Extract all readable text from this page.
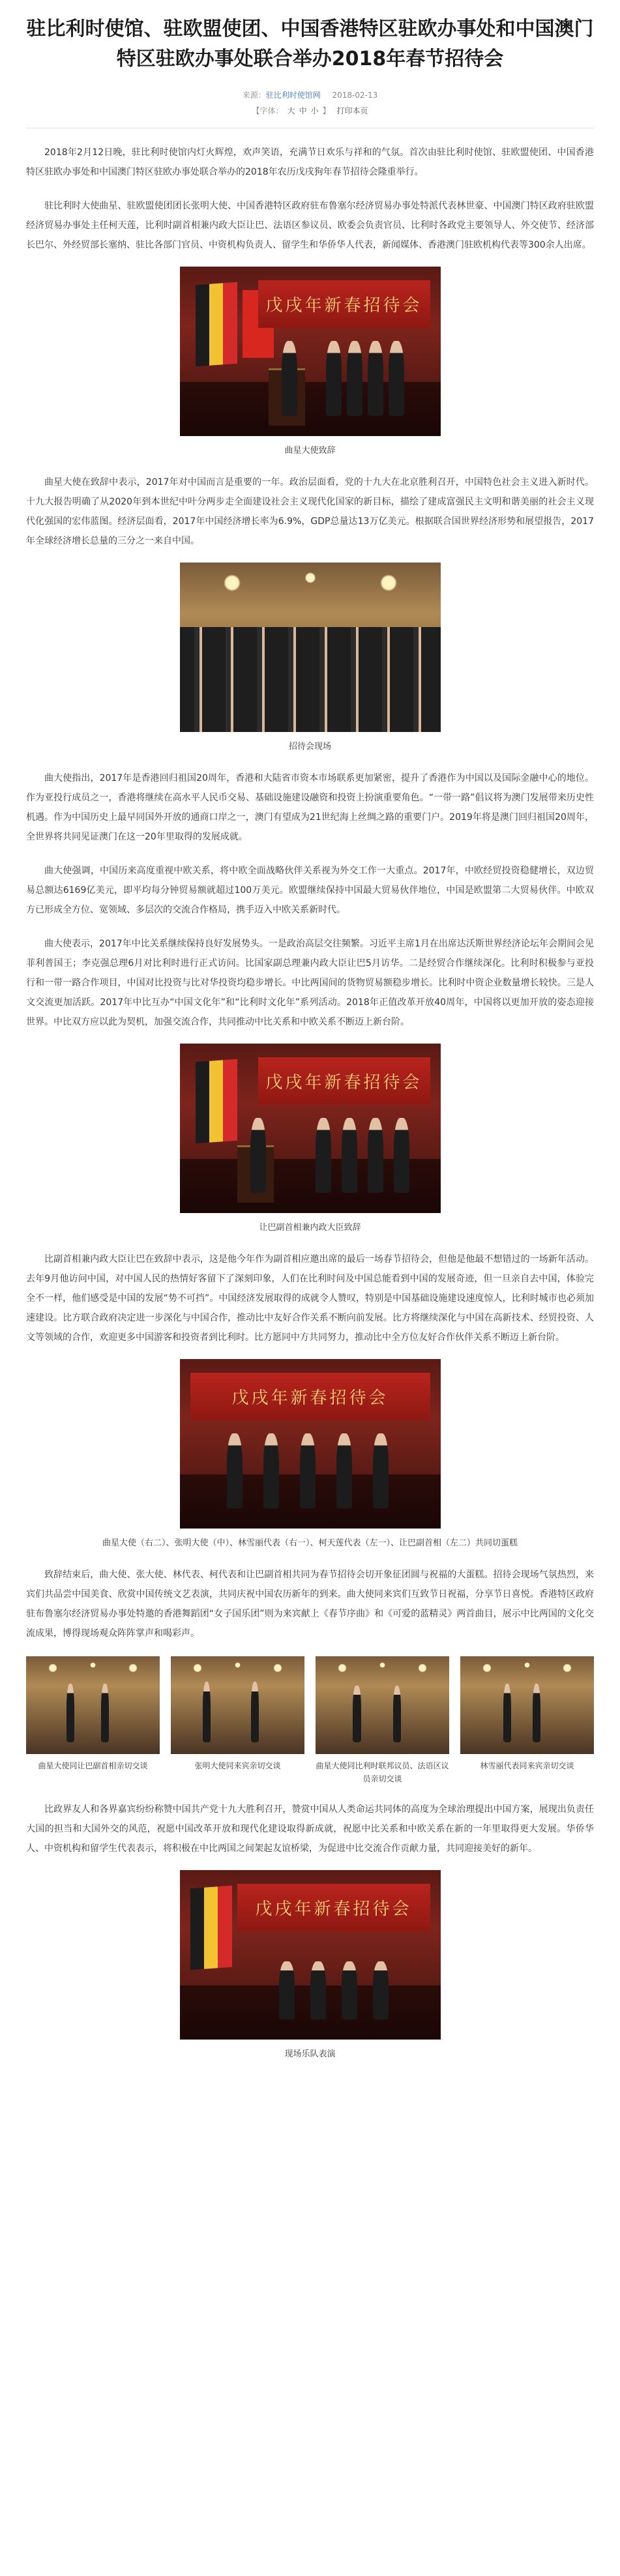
驻比利时使馆、驻欧盟使团、中国香港特区驻欧办事处和中国澳门特区驻欧办事处联合举办2018年春节招待会
来源：驻比利时使馆网 2018-02-13
【字体： 大 中 小 】 打印本页

2018年2月12日晚，驻比利时使馆内灯火辉煌，欢声笑语，充满节日欢乐与祥和的气氛。首次由驻比利时使馆、驻欧盟使团、中国香港特区驻欧办事处和中国澳门特区驻欧办事处联合举办的2018年农历戊戌狗年春节招待会隆重举行。

驻比利时大使曲星、驻欧盟使团团长张明大使、中国香港特区政府驻布鲁塞尔经济贸易办事处特派代表林世豪、中国澳门特区政府驻欧盟经济贸易办事处主任柯天莲，比利时副首相兼内政大臣让巴、法语区参议员、欧委会负责官员、比利时各政党主要领导人、外交使节、经济部长巴尔、外经贸部长塞纳、驻比各部门官员、中资机构负责人、留学生和华侨华人代表，新闻媒体、香港澳门驻欧机构代表等300余人出席。

戊戌年新春招待会
曲星大使致辞

曲星大使在致辞中表示，2017年对中国而言是重要的一年。政治层面看，党的十九大在北京胜利召开，中国特色社会主义进入新时代。十九大报告明确了从2020年到本世纪中叶分两步走全面建设社会主义现代化国家的新目标，描绘了建成富强民主文明和谐美丽的社会主义现代化强国的宏伟蓝图。经济层面看，2017年中国经济增长率为6.9%，GDP总量达13万亿美元。根据联合国世界经济形势和展望报告，2017年全球经济增长总量的三分之一来自中国。

招待会现场

曲大使指出，2017年是香港回归祖国20周年，香港和大陆省市资本市场联系更加紧密，提升了香港作为中国以及国际金融中心的地位。作为亚投行成员之一，香港将继续在高水平人民币交易、基础设施建设融资和投资上扮演重要角色。“一带一路”倡议将为澳门发展带来历史性机遇。作为中国历史上最早同国外开放的通商口岸之一，澳门有望成为21世纪海上丝绸之路的重要门户。2019年将是澳门回归祖国20周年，全世界将共同见证澳门在这一20年里取得的发展成就。

曲大使强调，中国历来高度重视中欧关系，将中欧全面战略伙伴关系视为外交工作一大重点。2017年，中欧经贸投资稳健增长，双边贸易总额达6169亿美元，即平均每分钟贸易额就超过100万美元。欧盟继续保持中国最大贸易伙伴地位，中国是欧盟第二大贸易伙伴。中欧双方已形成全方位、宽领域、多层次的交流合作格局，携手迈入中欧关系新时代。

曲大使表示，2017年中比关系继续保持良好发展势头。一是政治高层交往频繁。习近平主席1月在出席达沃斯世界经济论坛年会期间会见菲利普国王；李克强总理6月对比利时进行正式访问。比国家副总理兼内政大臣让巴5月访华。二是经贸合作继续深化。比利时积极参与亚投行和一带一路合作项目，中国对比投资与比对华投资均稳步增长。中比两国间的货物贸易额稳步增长。比利时中资企业数量增长较快。三是人文交流更加活跃。2017年中比互办“中国文化年”和“比利时文化年”系列活动。2018年正值改革开放40周年，中国将以更加开放的姿态迎接世界。中比双方应以此为契机，加强交流合作，共同推动中比关系和中欧关系不断迈上新台阶。

戊戌年新春招待会
让巴副首相兼内政大臣致辞

比副首相兼内政大臣让巴在致辞中表示，这是他今年作为副首相应邀出席的最后一场春节招待会，但他是他最不想错过的一场新年活动。去年9月他访问中国，对中国人民的热情好客留下了深刻印象，人们在比利时问及中国总能看到中国的发展奇迹，但一旦亲自去中国，体验完全不一样，他们感受是中国的发展“势不可挡”。中国经济发展取得的成就令人赞叹，特别是中国基础设施建设速度惊人，比利时城市也必须加速建设。比方联合政府决定进一步深化与中国合作，推动比中友好合作关系不断向前发展。比方将继续深化与中国在高新技术、经贸投资、人文等领域的合作，欢迎更多中国游客和投资者到比利时。比方愿同中方共同努力，推动比中全方位友好合作伙伴关系不断迈上新台阶。

戊戌年新春招待会
曲星大使（右二）、张明大使（中）、林雪丽代表（右一）、柯天莲代表（左一）、让巴副首相（左二）共同切蛋糕

致辞结束后，曲大使、张大使、林代表、柯代表和让巴副首相共同为春节招待会切开象征团圆与祝福的大蛋糕。招待会现场气氛热烈，来宾们共品尝中国美食、欣赏中国传统文艺表演，共同庆祝中国农历新年的到来。曲大使同来宾们互致节日祝福，分享节日喜悦。香港特区政府驻布鲁塞尔经济贸易办事处特邀的香港舞蹈团“女子国乐团”则为来宾献上《春节序曲》和《可爱的蓝精灵》两首曲目，展示中比两国的文化交流成果，博得现场观众阵阵掌声和喝彩声。

曲星大使同让巴副首相亲切交谈	张明大使同来宾亲切交谈	曲星大使同比利时联邦议员、法语区议员亲切交谈
林雪丽代表同来宾亲切交谈

比政界友人和各界嘉宾纷纷称赞中国共产党十九大胜利召开，赞赏中国从人类命运共同体的高度为全球治理提出中国方案，展现出负责任大国的担当和大国外交的风范，祝愿中国改革开放和现代化建设取得新成就，祝愿中比关系和中欧关系在新的一年里取得更大发展。华侨华人、中资机构和留学生代表表示，将积极在中比两国之间架起友谊桥梁，为促进中比交流合作贡献力量，共同迎接美好的新年。

戊戌年新春招待会
现场乐队表演
